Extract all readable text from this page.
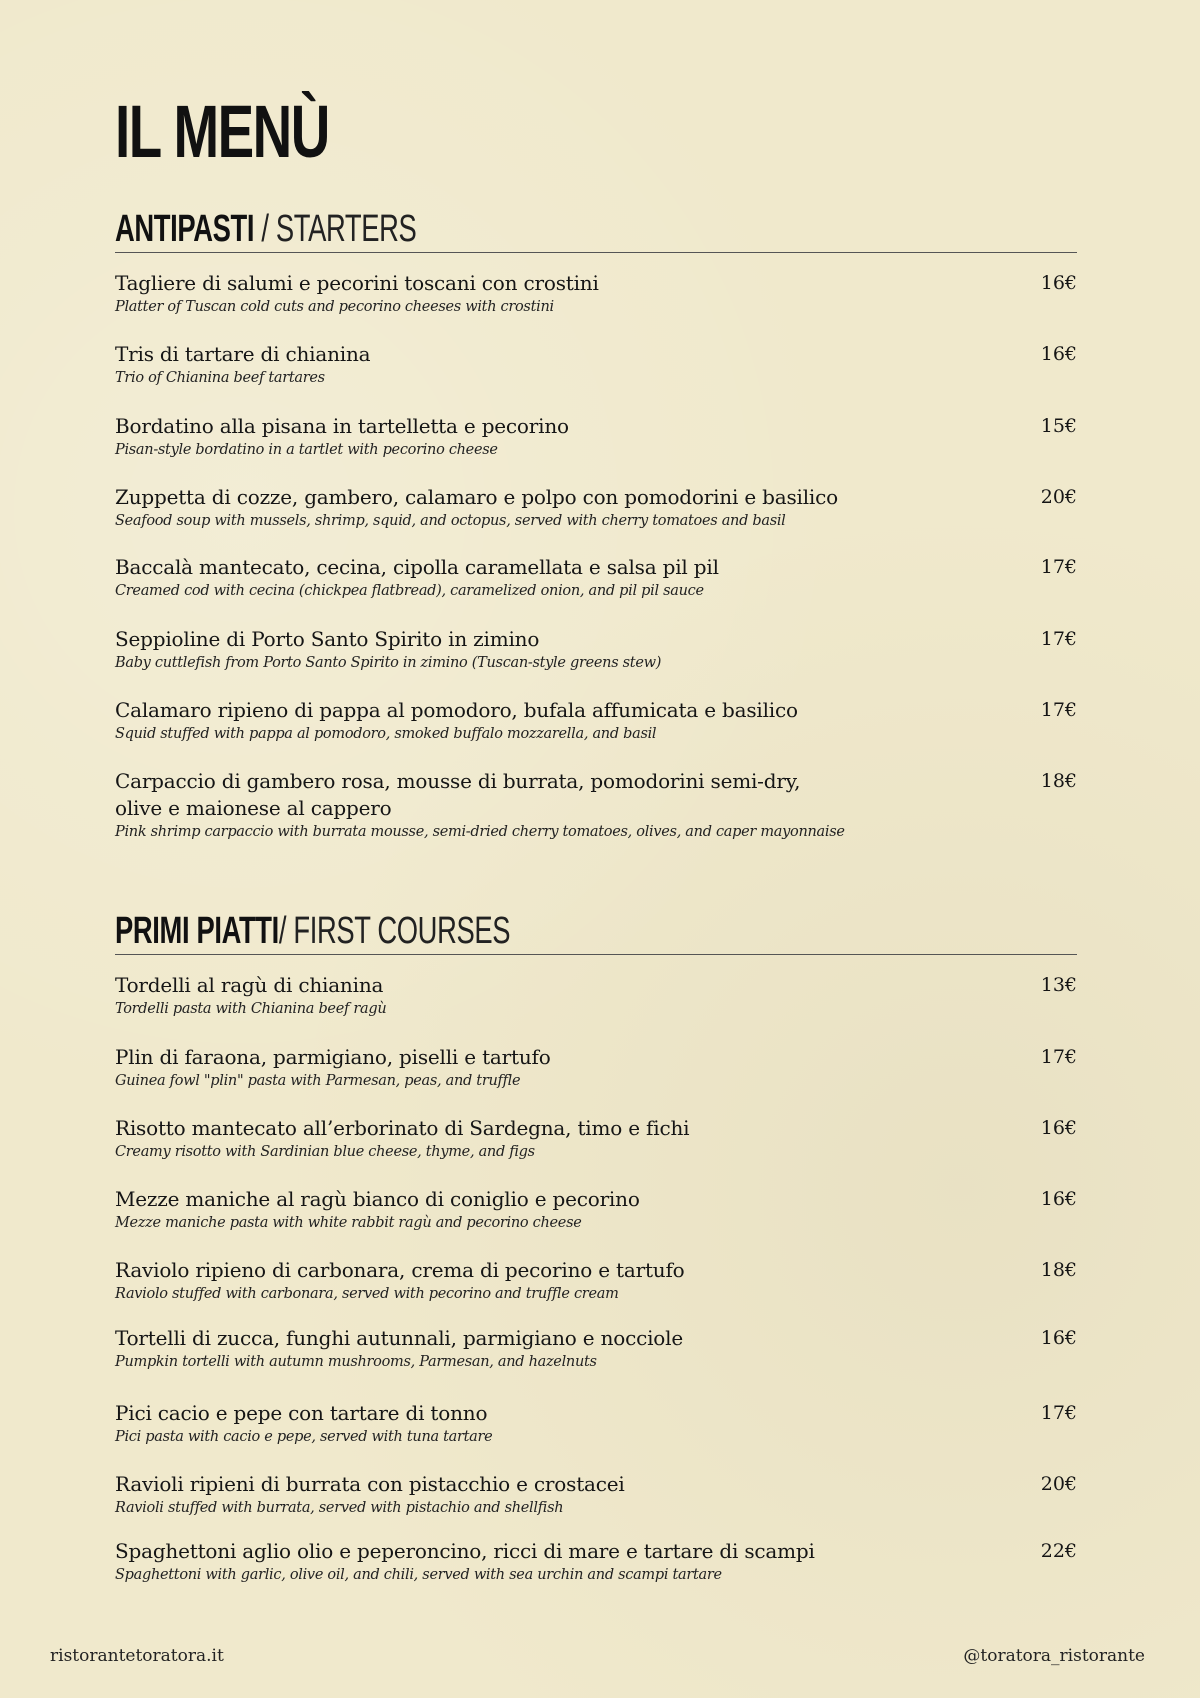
IL MENÙ
ANTIPASTI / STARTERS
Tagliere di salumi e pecorini toscani con crostini
Platter of Tuscan cold cuts and pecorino cheeses with crostini
16€
Tris di tartare di chianina
Trio of Chianina beef tartares
16€
Bordatino alla pisana in tartelletta e pecorino
Pisan-style bordatino in a tartlet with pecorino cheese
15€
Zuppetta di cozze, gambero, calamaro e polpo con pomodorini e basilico
Seafood soup with mussels, shrimp, squid, and octopus, served with cherry tomatoes and basil
20€
Baccalà mantecato, cecina, cipolla caramellata e salsa pil pil
Creamed cod with cecina (chickpea flatbread), caramelized onion, and pil pil sauce
17€
Seppioline di Porto Santo Spirito in zimino
Baby cuttlefish from Porto Santo Spirito in zimino (Tuscan-style greens stew)
17€
Calamaro ripieno di pappa al pomodoro, bufala affumicata e basilico
Squid stuffed with pappa al pomodoro, smoked buffalo mozzarella, and basil
17€
Carpaccio di gambero rosa, mousse di burrata, pomodorini semi-dry, olive e maionese al cappero
Pink shrimp carpaccio with burrata mousse, semi-dried cherry tomatoes, olives, and caper mayonnaise
18€
PRIMI PIATTI/ FIRST COURSES
Tordelli al ragù di chianina
Tordelli pasta with Chianina beef ragù
13€
Plin di faraona, parmigiano, piselli e tartufo
Guinea fowl "plin" pasta with Parmesan, peas, and truffle
17€
Risotto mantecato all’erborinato di Sardegna, timo e fichi
Creamy risotto with Sardinian blue cheese, thyme, and figs
16€
Mezze maniche al ragù bianco di coniglio e pecorino
Mezze maniche pasta with white rabbit ragù and pecorino cheese
16€
Raviolo ripieno di carbonara, crema di pecorino e tartufo
Raviolo stuffed with carbonara, served with pecorino and truffle cream
18€
Tortelli di zucca, funghi autunnali, parmigiano e nocciole
Pumpkin tortelli with autumn mushrooms, Parmesan, and hazelnuts
16€
Pici cacio e pepe con tartare di tonno
Pici pasta with cacio e pepe, served with tuna tartare
17€
Ravioli ripieni di burrata con pistacchio e crostacei
Ravioli stuffed with burrata, served with pistachio and shellfish
20€
Spaghettoni aglio olio e peperoncino, ricci di mare e tartare di scampi
Spaghettoni with garlic, olive oil, and chili, served with sea urchin and scampi tartare
22€
ristorantetoratora.it	@toratora_ristorante
